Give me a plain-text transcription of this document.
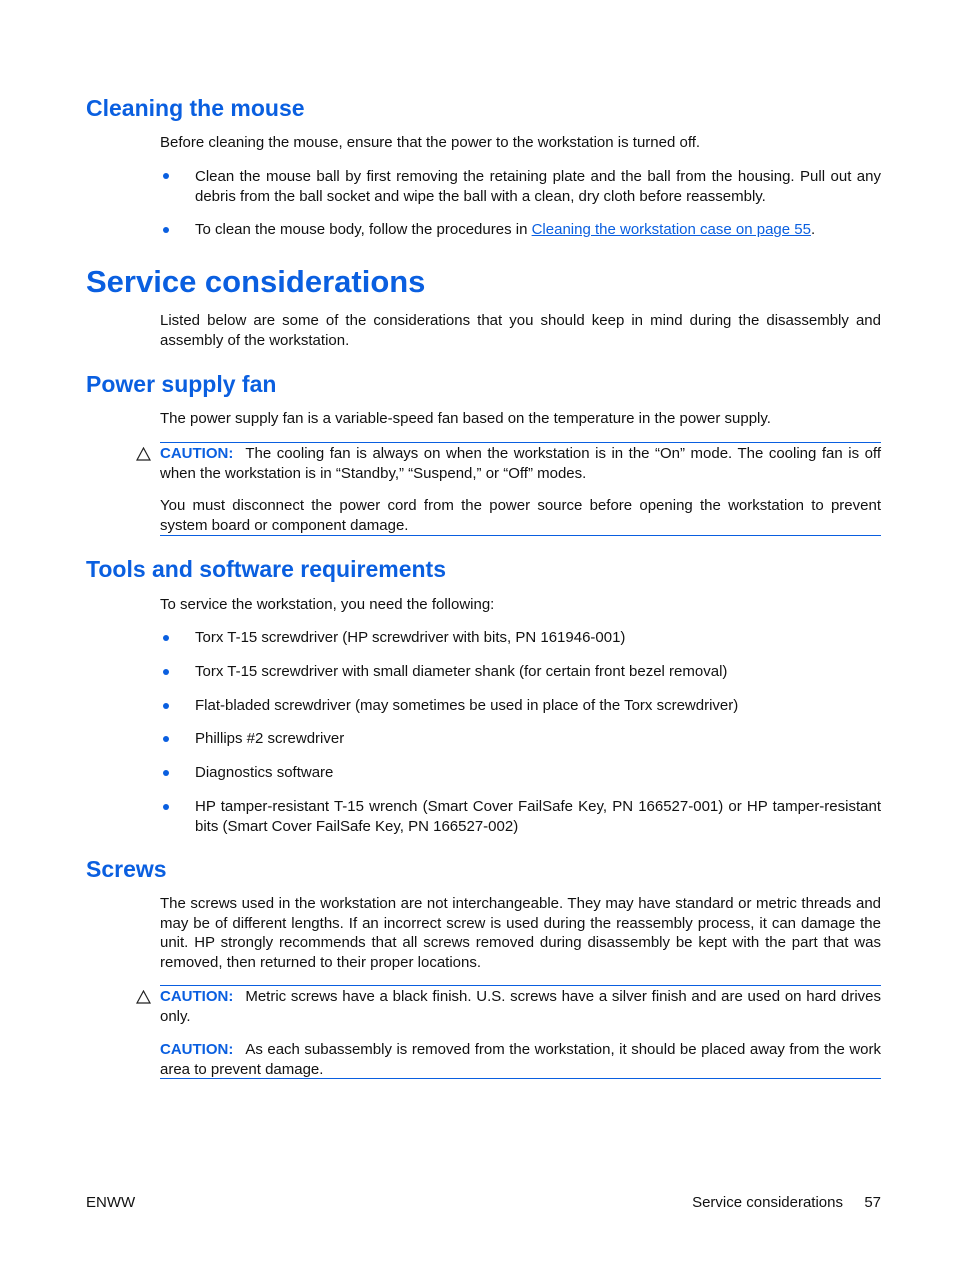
Cleaning the mouse

Before cleaning the mouse, ensure that the power to the workstation is turned off.

Clean the mouse ball by first removing the retaining plate and the ball from the housing. Pull out any debris from the ball socket and wipe the ball with a clean, dry cloth before reassembly.

To clean the mouse body, follow the procedures in Cleaning the workstation case on page 55.

Service considerations

Listed below are some of the considerations that you should keep in mind during the disassembly and assembly of the workstation.

Power supply fan

The power supply fan is a variable-speed fan based on the temperature in the power supply.

CAUTION: The cooling fan is always on when the workstation is in the “On” mode. The cooling fan is off when the workstation is in “Standby,” “Suspend,” or “Off” modes.

You must disconnect the power cord from the power source before opening the workstation to prevent system board or component damage.

Tools and software requirements

To service the workstation, you need the following:

Torx T-15 screwdriver (HP screwdriver with bits, PN 161946-001)

Torx T-15 screwdriver with small diameter shank (for certain front bezel removal)

Flat-bladed screwdriver (may sometimes be used in place of the Torx screwdriver)

Phillips #2 screwdriver

Diagnostics software

HP tamper-resistant T-15 wrench (Smart Cover FailSafe Key, PN 166527-001) or HP tamper-resistant bits (Smart Cover FailSafe Key, PN 166527-002)

Screws

The screws used in the workstation are not interchangeable. They may have standard or metric threads and may be of different lengths. If an incorrect screw is used during the reassembly process, it can damage the unit. HP strongly recommends that all screws removed during disassembly be kept with the part that was removed, then returned to their proper locations.

CAUTION: Metric screws have a black finish. U.S. screws have a silver finish and are used on hard drives only.

CAUTION: As each subassembly is removed from the workstation, it should be placed away from the work area to prevent damage.

ENWW	Service considerations 57
